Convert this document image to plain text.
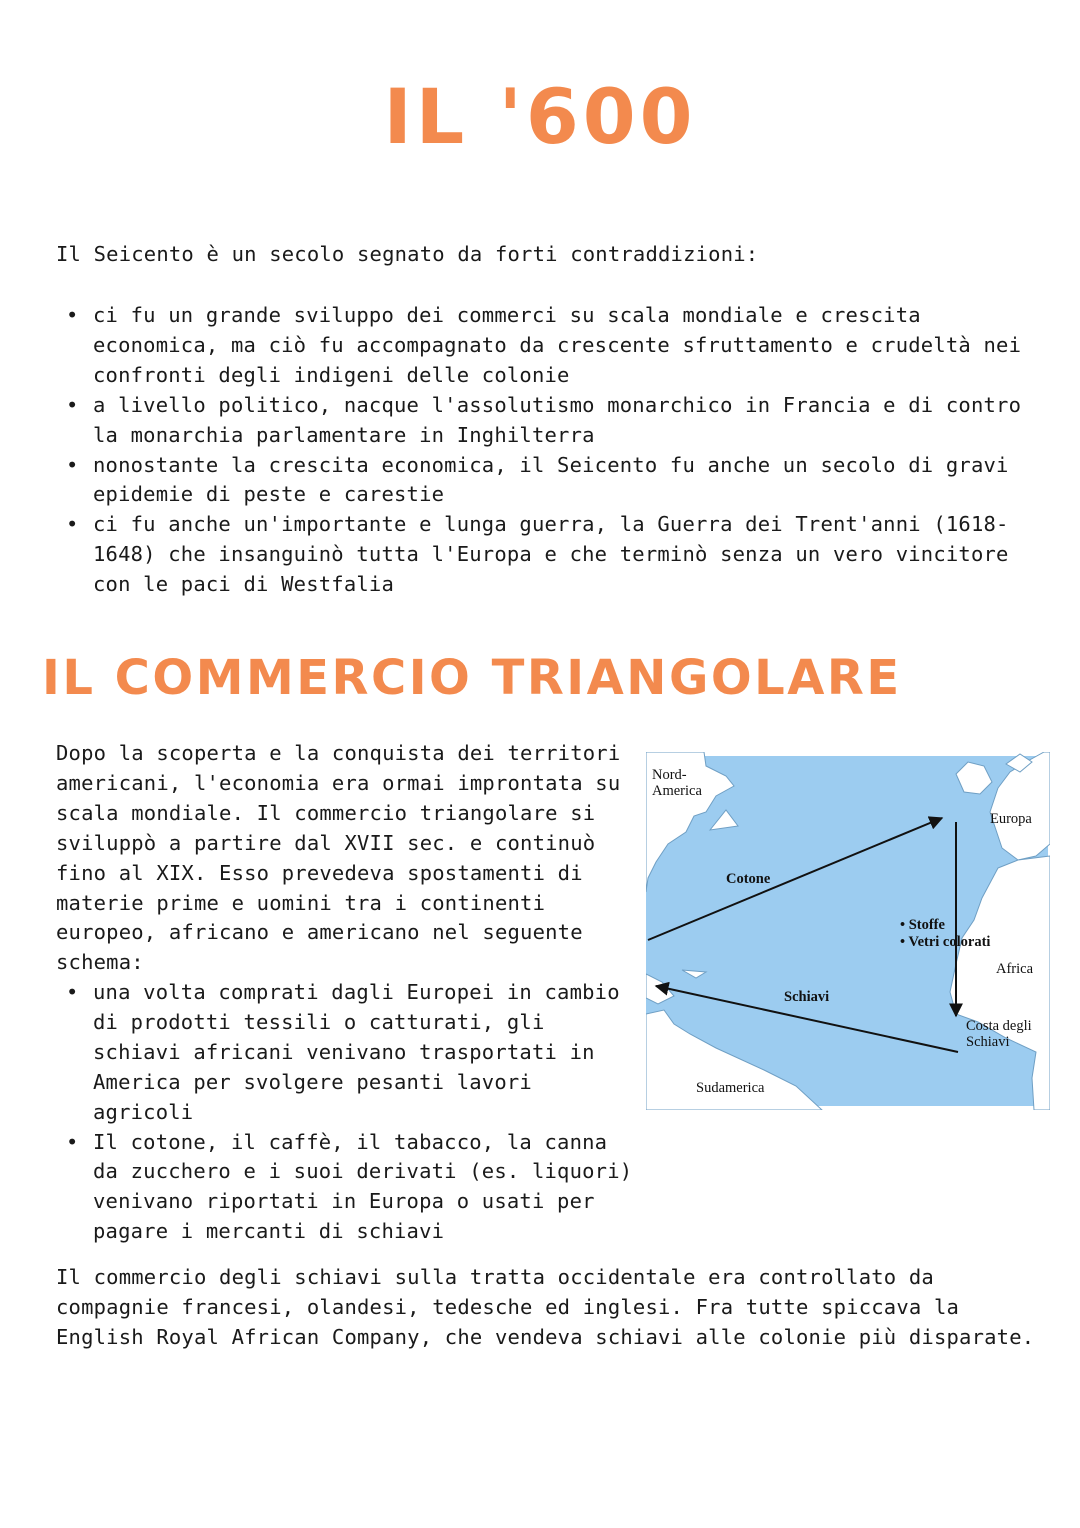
IL '600

Il Seicento è un secolo segnato da forti contraddizioni:

• ci fu un grande sviluppo dei commerci su scala mondiale e crescita economica, ma ciò fu accompagnato da crescente sfruttamento e crudeltà nei confronti degli indigeni delle colonie
• a livello politico, nacque l'assolutismo monarchico in Francia e di contro la monarchia parlamentare in Inghilterra
• nonostante la crescita economica, il Seicento fu anche un secolo di gravi epidemie di peste e carestie
• ci fu anche un'importante e lunga guerra, la Guerra dei Trent'anni (1618-1648) che insanguinò tutta l'Europa e che terminò senza un vero vincitore con le paci di Westfalia
IL COMMERCIO TRIANGOLARE

Dopo la scoperta e la conquista dei territori americani, l'economia era ormai improntata su scala mondiale. Il commercio triangolare si sviluppò a partire dal XVII sec. e continuò fino al XIX. Esso prevedeva spostamenti di materie prime e uomini tra i continenti europeo, africano e americano nel seguente schema:

• una volta comprati dagli Europei in cambio di prodotti tessili o catturati, gli schiavi africani venivano trasportati in America per svolgere pesanti lavori agricoli
• Il cotone, il caffè, il tabacco, la canna da zucchero e i suoi derivati (es. liquori) venivano riportati in Europa o usati per pagare i mercanti di schiavi
Nord-
America
Europa
Cotone
• Stoffe
• Vetri colorati
Africa
Schiavi
Costa degli
Schiavi
Sudamerica

Il commercio degli schiavi sulla tratta occidentale era controllato da compagnie francesi, olandesi, tedesche ed inglesi. Fra tutte spiccava la English Royal African Company, che vendeva schiavi alle colonie più disparate.
